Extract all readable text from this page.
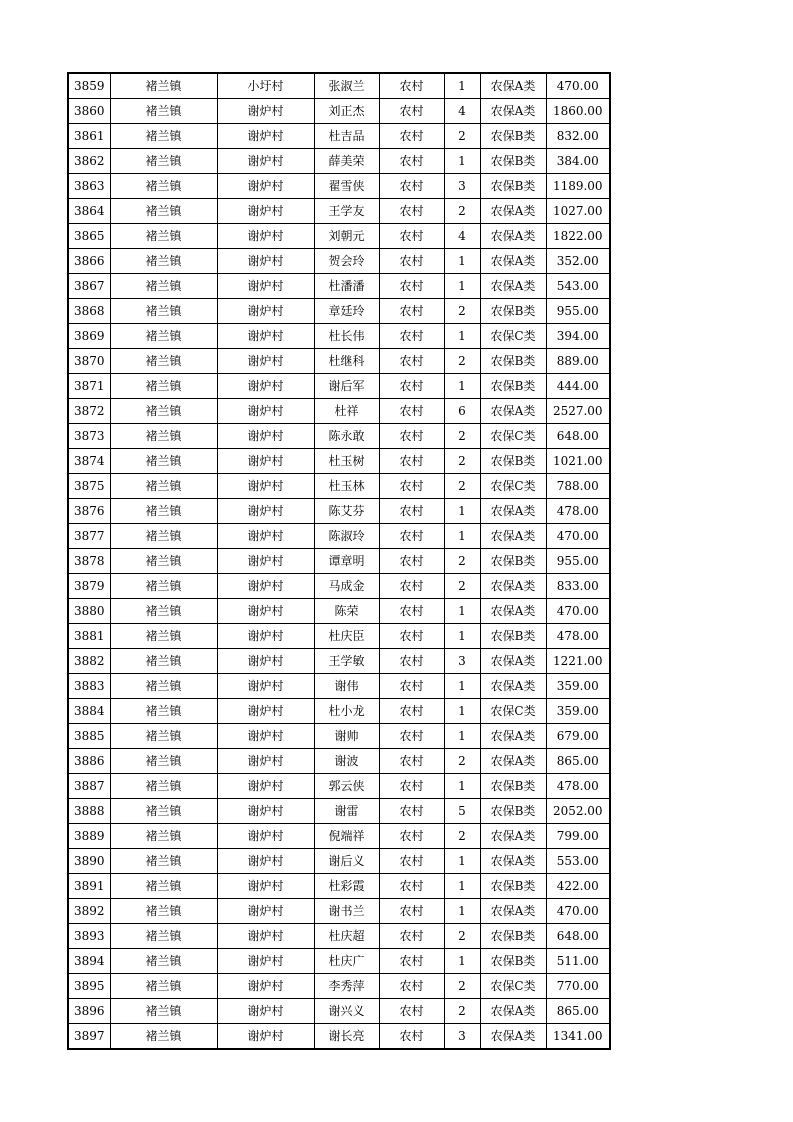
3859	褚兰镇	小圩村	张淑兰	农村	1	农保A类	470.00
3860	褚兰镇	谢炉村	刘正杰	农村	4	农保A类	1860.00
3861	褚兰镇	谢炉村	杜吉品	农村	2	农保B类	832.00
3862	褚兰镇	谢炉村	薛美荣	农村	1	农保B类	384.00
3863	褚兰镇	谢炉村	翟雪侠	农村	3	农保B类	1189.00
3864	褚兰镇	谢炉村	王学友	农村	2	农保A类	1027.00
3865	褚兰镇	谢炉村	刘朝元	农村	4	农保A类	1822.00
3866	褚兰镇	谢炉村	贺会玲	农村	1	农保A类	352.00
3867	褚兰镇	谢炉村	杜潘潘	农村	1	农保A类	543.00
3868	褚兰镇	谢炉村	章廷玲	农村	2	农保B类	955.00
3869	褚兰镇	谢炉村	杜长伟	农村	1	农保C类	394.00
3870	褚兰镇	谢炉村	杜继科	农村	2	农保B类	889.00
3871	褚兰镇	谢炉村	谢后军	农村	1	农保B类	444.00
3872	褚兰镇	谢炉村	杜祥	农村	6	农保A类	2527.00
3873	褚兰镇	谢炉村	陈永敢	农村	2	农保C类	648.00
3874	褚兰镇	谢炉村	杜玉树	农村	2	农保B类	1021.00
3875	褚兰镇	谢炉村	杜玉林	农村	2	农保C类	788.00
3876	褚兰镇	谢炉村	陈艾芬	农村	1	农保A类	478.00
3877	褚兰镇	谢炉村	陈淑玲	农村	1	农保A类	470.00
3878	褚兰镇	谢炉村	谭章明	农村	2	农保B类	955.00
3879	褚兰镇	谢炉村	马成金	农村	2	农保A类	833.00
3880	褚兰镇	谢炉村	陈荣	农村	1	农保A类	470.00
3881	褚兰镇	谢炉村	杜庆臣	农村	1	农保B类	478.00
3882	褚兰镇	谢炉村	王学敏	农村	3	农保A类	1221.00
3883	褚兰镇	谢炉村	谢伟	农村	1	农保A类	359.00
3884	褚兰镇	谢炉村	杜小龙	农村	1	农保C类	359.00
3885	褚兰镇	谢炉村	谢帅	农村	1	农保A类	679.00
3886	褚兰镇	谢炉村	谢波	农村	2	农保A类	865.00
3887	褚兰镇	谢炉村	郭云侠	农村	1	农保B类	478.00
3888	褚兰镇	谢炉村	谢雷	农村	5	农保B类	2052.00
3889	褚兰镇	谢炉村	倪端祥	农村	2	农保A类	799.00
3890	褚兰镇	谢炉村	谢后义	农村	1	农保A类	553.00
3891	褚兰镇	谢炉村	杜彩霞	农村	1	农保B类	422.00
3892	褚兰镇	谢炉村	谢书兰	农村	1	农保A类	470.00
3893	褚兰镇	谢炉村	杜庆超	农村	2	农保B类	648.00
3894	褚兰镇	谢炉村	杜庆广	农村	1	农保B类	511.00
3895	褚兰镇	谢炉村	李秀萍	农村	2	农保C类	770.00
3896	褚兰镇	谢炉村	谢兴义	农村	2	农保A类	865.00
3897	褚兰镇	谢炉村	谢长亮	农村	3	农保A类	1341.00
